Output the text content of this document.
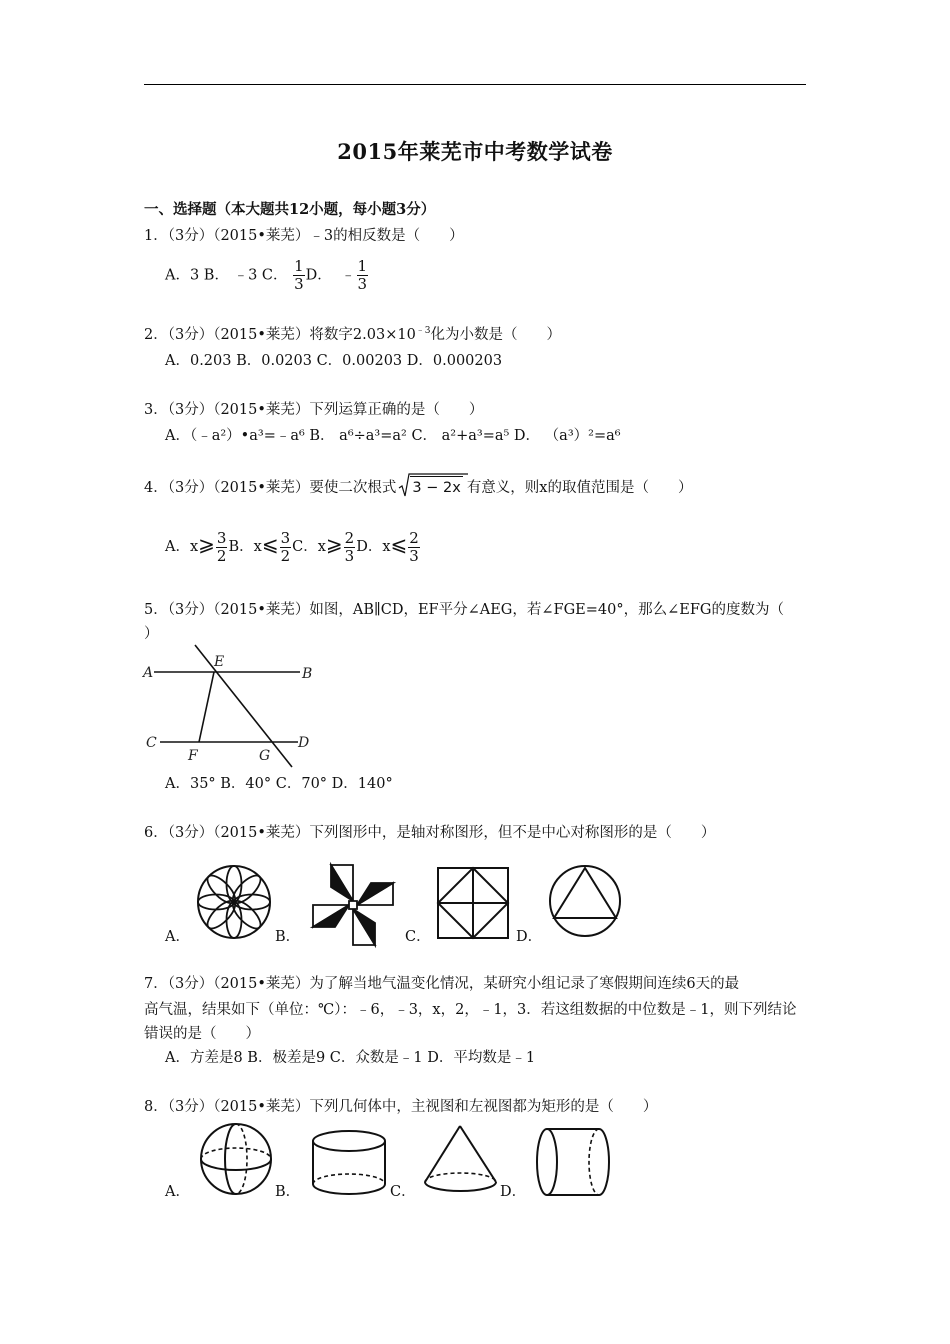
2015年莱芜市中考数学试卷
一、选择题（本大题共12小题，每小题3分）
1．（3分）（2015•莱芜）﹣3的相反数是（　　）
A．3 B． ﹣3 C． $\frac{1}{3}$ D． ﹣ $\frac{1}{3}$
2．（3分）（2015•莱芜）将数字$2.03\times 10^{﹣3}$化为小数是（　　）
A．0.203 B．0.0203 C．0.00203 D．0.000203
3．（3分）（2015•莱芜）下列运算正确的是（　　）
A．（﹣a²）•a³=﹣a⁶ B． a⁶÷a³=a² C． a²+a³=a⁵ D． （a³）²=a⁶
4．（3分）（2015•莱芜）要使二次根式 3 − 2x 有意义，则x的取值范围是（　　）
A．x⩾ $\frac{3}{2}$ B．x⩽ $\frac{3}{2}$ C．x⩾ $\frac{2}{3}$ D．x⩽ $\frac{2}{3}$
5．（3分）（2015•莱芜）如图，AB∥CD，EF平分∠AEG，若∠FGE=40°，那么∠EFG的度数为（
）
A
E
B
C
F	G
D
A．35° B．40° C．70° D．140°
6．（3分）（2015•莱芜）下列图形中，是轴对称图形，但不是中心对称图形的是（　　）
A．	B．	C．	D．
7．（3分）（2015•莱芜）为了解当地气温变化情况，某研究小组记录了寒假期间连续6天的最
高气温，结果如下（单位：℃）：﹣6，﹣3，x，2，﹣1，3．若这组数据的中位数是﹣1，则下列结论
错误的是（　　）
A．方差是8 B．极差是9 C．众数是﹣1 D．平均数是﹣1
8．（3分）（2015•莱芜）下列几何体中，主视图和左视图都为矩形的是（　　）
A．	B．	C．	D．
